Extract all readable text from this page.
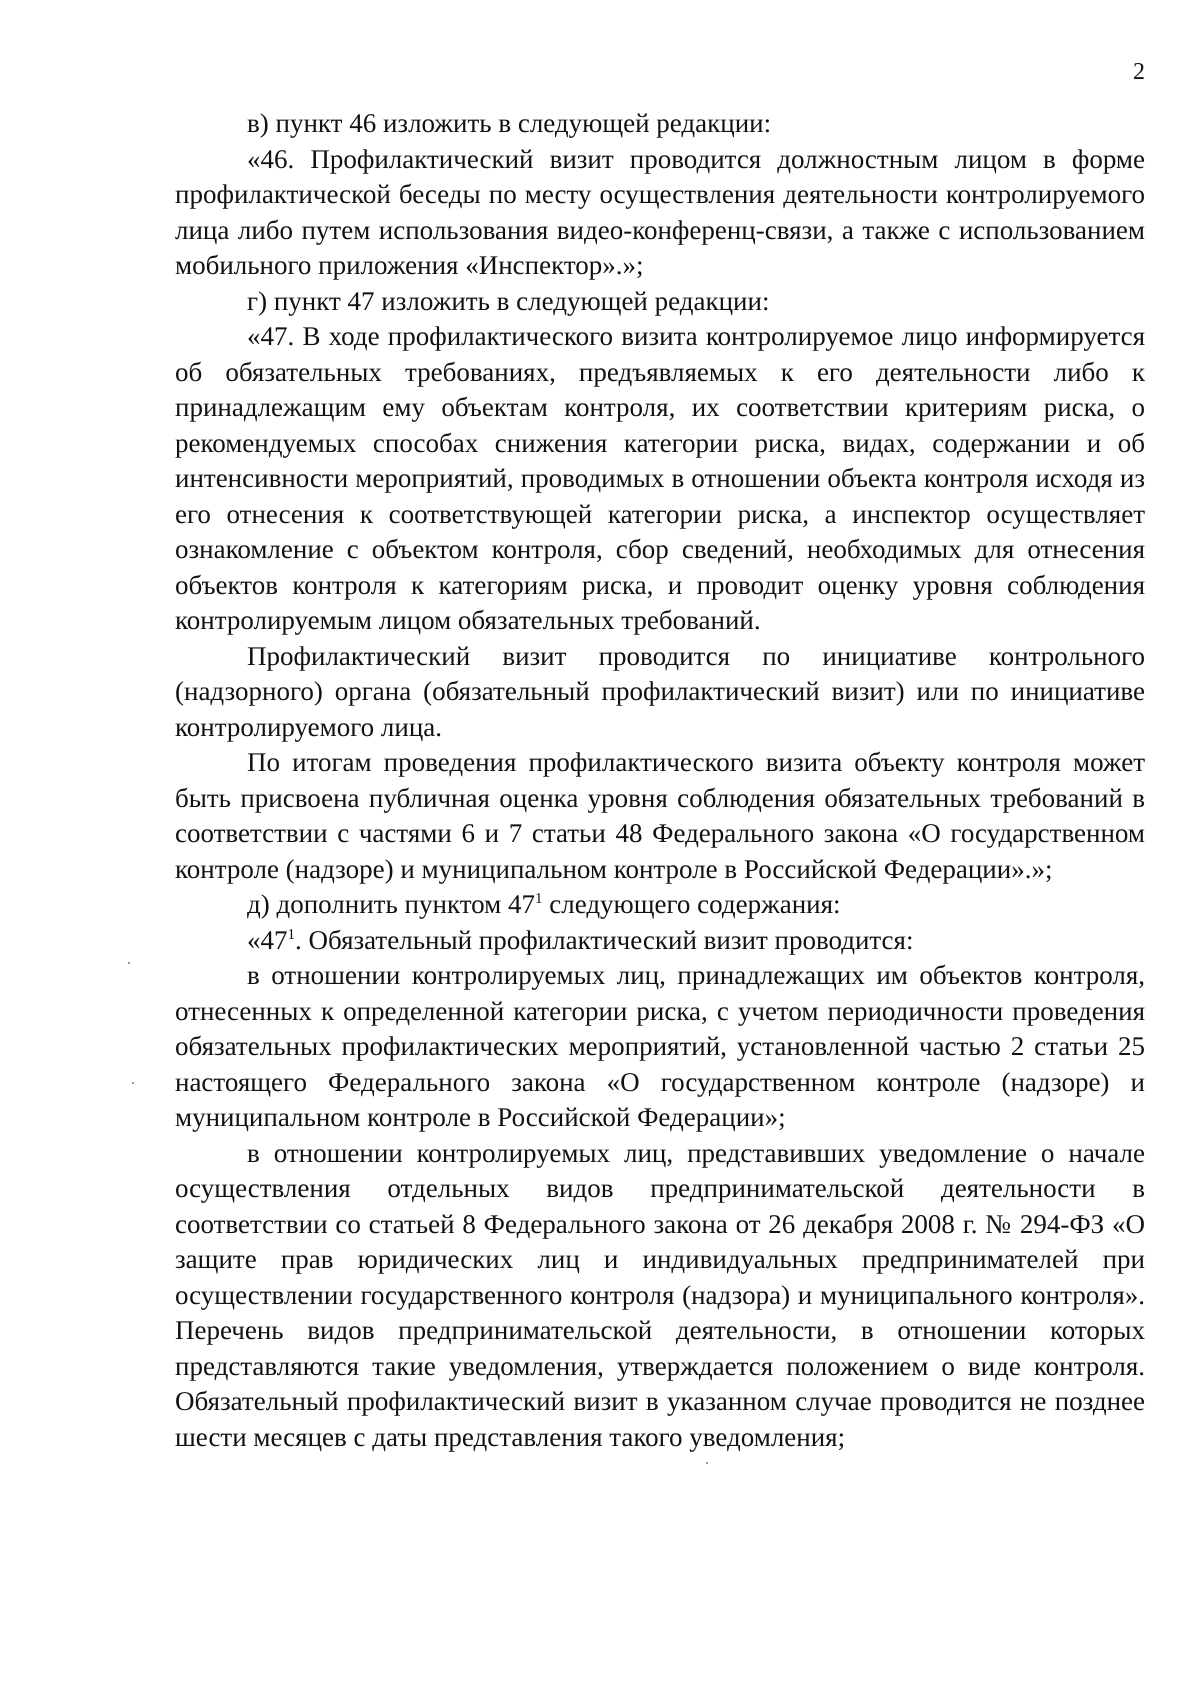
2

в) пункт 46 изложить в следующей редакции:

«46. Профилактический визит проводится должностным лицом в форме профилактической беседы по месту осуществления деятельности контролируемого лица либо путем использования видео-конференц-связи, а также с использованием мобильного приложения «Инспектор».»;

г) пункт 47 изложить в следующей редакции:

«47. В ходе профилактического визита контролируемое лицо информируется об обязательных требованиях, предъявляемых к его деятельности либо к принадлежащим ему объектам контроля, их соответствии критериям риска, о рекомендуемых способах снижения категории риска, видах, содержании и об интенсивности мероприятий, проводимых в отношении объекта контроля исходя из его отнесения к соответствующей категории риска, а инспектор осуществляет ознакомление с объектом контроля, сбор сведений, необходимых для отнесения объектов контроля к категориям риска, и проводит оценку уровня соблюдения контролируемым лицом обязательных требований.

Профилактический визит проводится по инициативе контрольного (надзорного) органа (обязательный профилактический визит) или по инициативе контролируемого лица.

По итогам проведения профилактического визита объекту контроля может быть присвоена публичная оценка уровня соблюдения обязательных требований в соответствии с частями 6 и 7 статьи 48 Федерального закона «О государственном контроле (надзоре) и муниципальном контроле в Российской Федерации».»;

д) дополнить пунктом $47^1$ следующего содержания:

«$47^1$. Обязательный профилактический визит проводится:

в отношении контролируемых лиц, принадлежащих им объектов контроля, отнесенных к определенной категории риска, с учетом периодичности проведения обязательных профилактических мероприятий, установленной частью 2 статьи 25 настоящего Федерального закона «О государственном контроле (надзоре) и муниципальном контроле в Российской Федерации»;

в отношении контролируемых лиц, представивших уведомление о начале осуществления отдельных видов предпринимательской деятельности в соответствии со статьей 8 Федерального закона от 26 декабря 2008 г. № 294-ФЗ «О защите прав юридических лиц и индивидуальных предпринимателей при осуществлении государственного контроля (надзора) и муниципального контроля». Перечень видов предпринимательской деятельности, в отношении которых представляются такие уведомления, утверждается положением о виде контроля. Обязательный профилактический визит в указанном случае проводится не позднее шести месяцев с даты представления такого уведомления;
